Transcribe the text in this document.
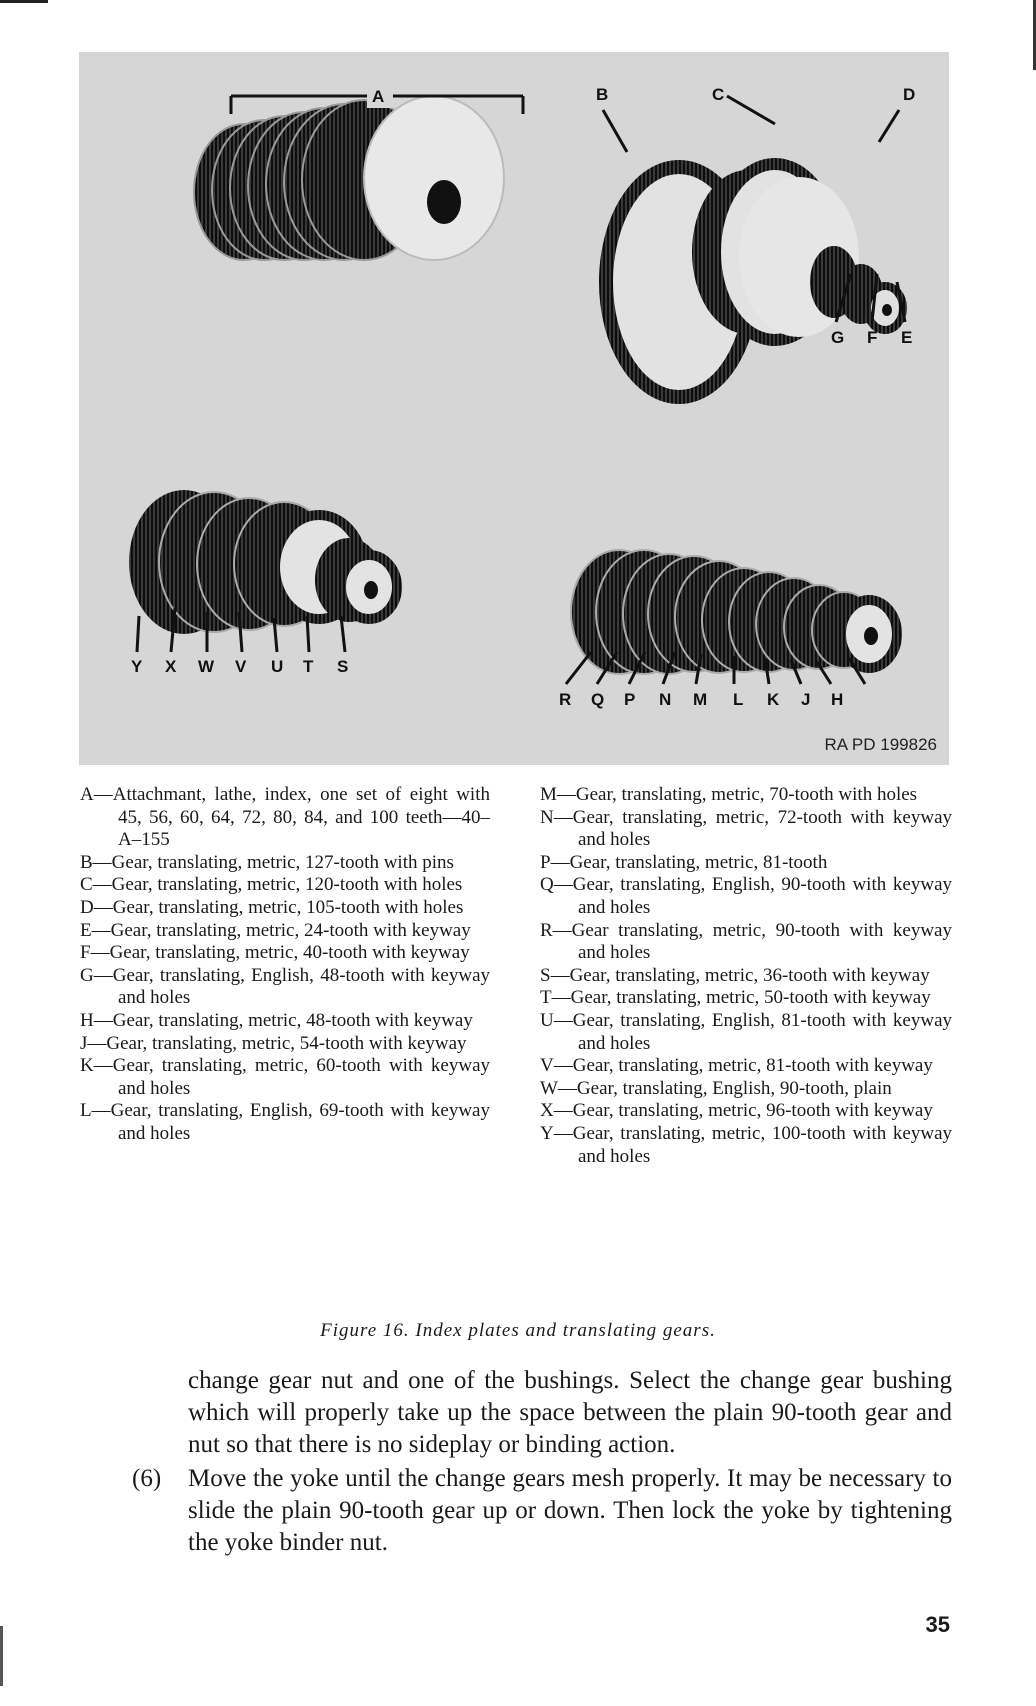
A	B	C	D
G F E
Y X W V U T S
R Q P N M L K J H
RA PD 199826
A—Attachmant, lathe, index, one set of eight with 45, 56, 60, 64, 72, 80, 84, and 100 teeth—40–A–155
B—Gear, translating, metric, 127-tooth with pins
C—Gear, translating, metric, 120-tooth with holes
D—Gear, translating, metric, 105-tooth with holes
E—Gear, translating, metric, 24-tooth with keyway
F—Gear, translating, metric, 40-tooth with keyway
G—Gear, translating, English, 48-tooth with keyway and holes
H—Gear, translating, metric, 48-tooth with keyway
J—Gear, translating, metric, 54-tooth with keyway
K—Gear, translating, metric, 60-tooth with keyway and holes
L—Gear, translating, English, 69-tooth with keyway and holes
M—Gear, translating, metric, 70-tooth with holes
N—Gear, translating, metric, 72-tooth with keyway and holes
P—Gear, translating, metric, 81-tooth
Q—Gear, translating, English, 90-tooth with keyway and holes
R—Gear translating, metric, 90-tooth with keyway and holes
S—Gear, translating, metric, 36-tooth with keyway
T—Gear, translating, metric, 50-tooth with keyway
U—Gear, translating, English, 81-tooth with keyway and holes
V—Gear, translating, metric, 81-tooth with keyway
W—Gear, translating, English, 90-tooth, plain
X—Gear, translating, metric, 96-tooth with keyway
Y—Gear, translating, metric, 100-tooth with keyway and holes
Figure 16. Index plates and translating gears.
change gear nut and one of the bushings. Select the change gear bushing which will properly take up the space between the plain 90-tooth gear and nut so that there is no sideplay or binding action.
(6) Move the yoke until the change gears mesh properly. It may be necessary to slide the plain 90-tooth gear up or down. Then lock the yoke by tightening the yoke binder nut.
35
